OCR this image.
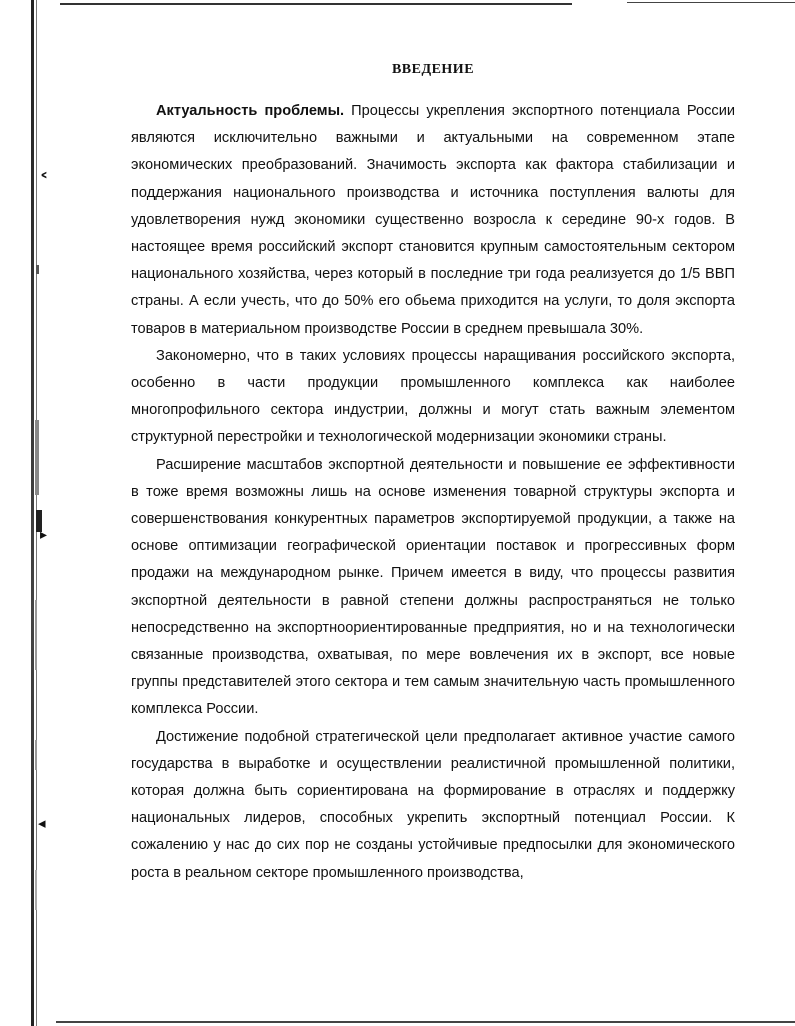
˂
▸
◂
ВВЕДЕНИЕ

Актуальность проблемы. Процессы укрепления экспортного потенциала России являются исключительно важными и актуальными на современном этапе экономических преобразований. Значимость экспорта как фактора стабилизации и поддержания национального производства и источника поступления валюты для удовлетворения нужд экономики существенно возросла к середине 90-х годов. В настоящее время российский экспорт становится крупным самостоятельным сектором национального хозяйства, через который в последние три года реализуется до 1/5 ВВП страны. А если учесть, что до 50% его обьема приходится на услуги, то доля экспорта товаров в материальном производстве России в среднем превышала 30%.

Закономерно, что в таких условиях процессы наращивания российского экспорта, особенно в части продукции промышленного комплекса как наиболее многопрофильного сектора индустрии, должны и могут стать важным элементом структурной перестройки и технологической модернизации экономики страны.

Расширение масштабов экспортной деятельности и повышение ее эффективности в тоже время возможны лишь на основе изменения товарной структуры экспорта и совершенствования конкурентных параметров экспортируемой продукции, а также на основе оптимизации географической ориентации поставок и прогрессивных форм продажи на международном рынке. Причем имеется в виду, что процессы развития экспортной деятельности в равной степени должны распространяться не только непосредственно на экспортноориентированные предприятия, но и на технологически связанные производства, охватывая, по мере вовлечения их в экспорт, все новые группы представителей этого сектора и тем самым значительную часть промышленного комплекса России.

Достижение подобной стратегической цели предполагает активное участие самого государства в выработке и осуществлении реалистичной промышленной политики, которая должна быть сориентирована на формирование в отраслях и поддержку национальных лидеров, способных укрепить экспортный потенциал России. К сожалению у нас до сих пор не созданы устойчивые предпосылки для экономического роста в реальном секторе промышленного производства,
